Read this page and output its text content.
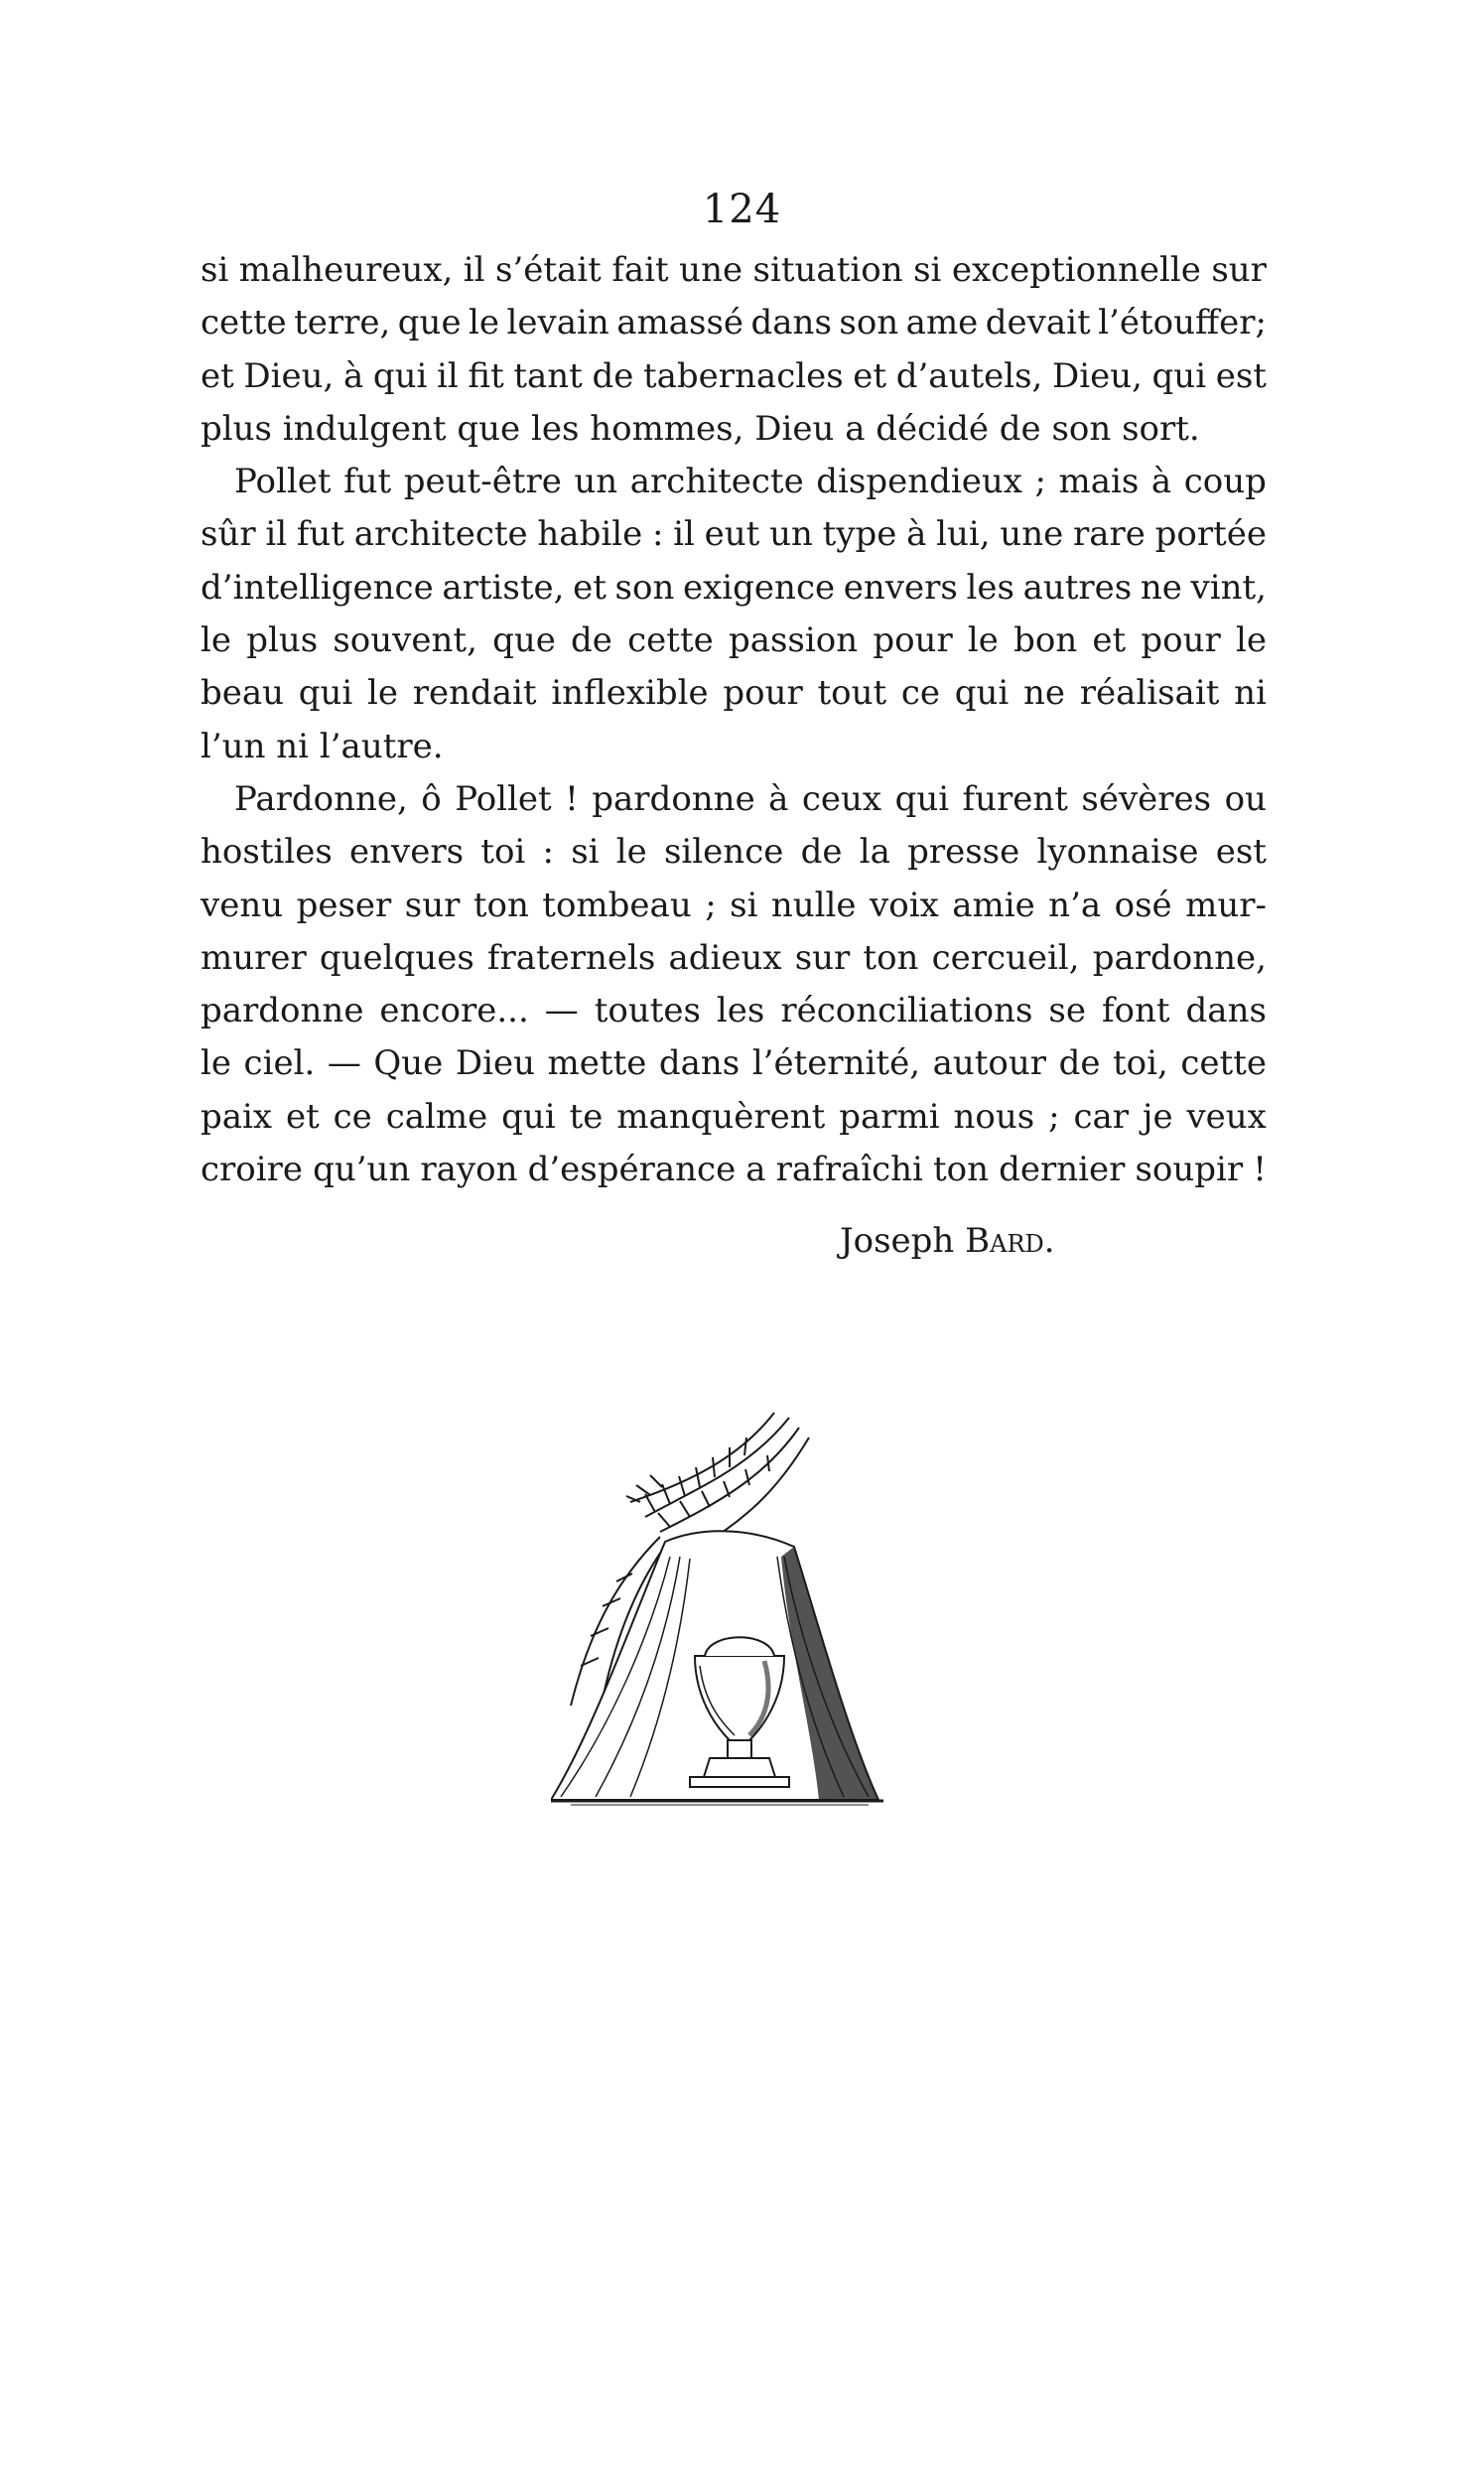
124
si malheureux, il s’était fait une situation si exceptionnelle sur
cette terre, que le levain amassé dans son ame devait l’étouffer;
et Dieu, à qui il fit tant de tabernacles et d’autels, Dieu, qui est
plus indulgent que les hommes, Dieu a décidé de son sort.
Pollet fut peut-être un architecte dispendieux ; mais à coup
sûr il fut architecte habile : il eut un type à lui, une rare portée
d’intelligence artiste, et son exigence envers les autres ne vint,
le plus souvent, que de cette passion pour le bon et pour le
beau qui le rendait inflexible pour tout ce qui ne réalisait ni
l’un ni l’autre.
Pardonne, ô Pollet ! pardonne à ceux qui furent sévères ou
hostiles envers toi : si le silence de la presse lyonnaise est
venu peser sur ton tombeau ; si nulle voix amie n’a osé mur-
murer quelques fraternels adieux sur ton cercueil, pardonne,
pardonne encore... — toutes les réconciliations se font dans
le ciel. — Que Dieu mette dans l’éternité, autour de toi, cette
paix et ce calme qui te manquèrent parmi nous ; car je veux
croire qu’un rayon d’espérance a rafraîchi ton dernier soupir !
Joseph Bard.
